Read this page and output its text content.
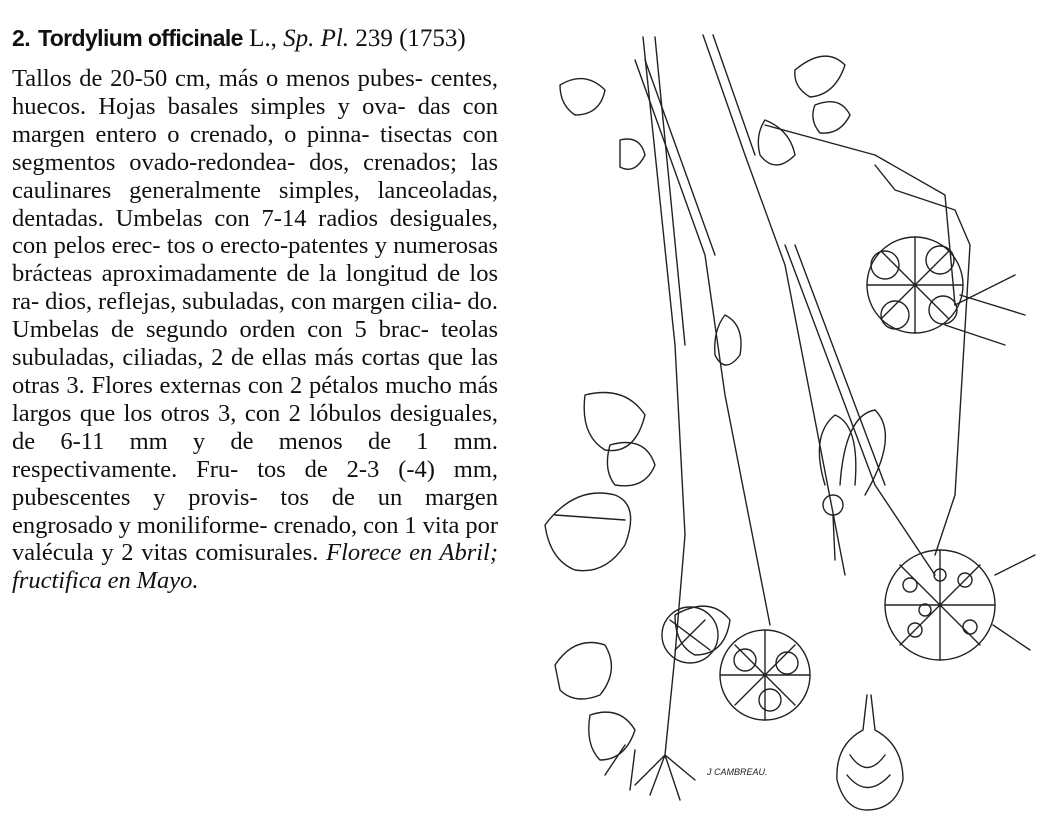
2. Tordylium officinale L., Sp. Pl. 239 (1753)

Tallos de 20-50 cm, más o menos pubes- centes, huecos. Hojas basales simples y ova- das con margen entero o crenado, o pinna- tisectas con segmentos ovado-redondea- dos, crenados; las caulinares generalmente simples, lanceoladas, dentadas. Umbelas con 7-14 radios desiguales, con pelos erec- tos o erecto-patentes y numerosas brácteas aproximadamente de la longitud de los ra- dios, reflejas, subuladas, con margen cilia- do. Umbelas de segundo orden con 5 brac- teolas subuladas, ciliadas, 2 de ellas más cortas que las otras 3. Flores externas con 2 pétalos mucho más largos que los otros 3, con 2 lóbulos desiguales, de 6-11 mm y de menos de 1 mm. respectivamente. Fru- tos de 2-3 (-4) mm, pubescentes y provis- tos de un margen engrosado y moniliforme- crenado, con 1 vita por valécula y 2 vitas comisurales. Florece en Abril; fructifica en Mayo.

J CAMBREAU.
